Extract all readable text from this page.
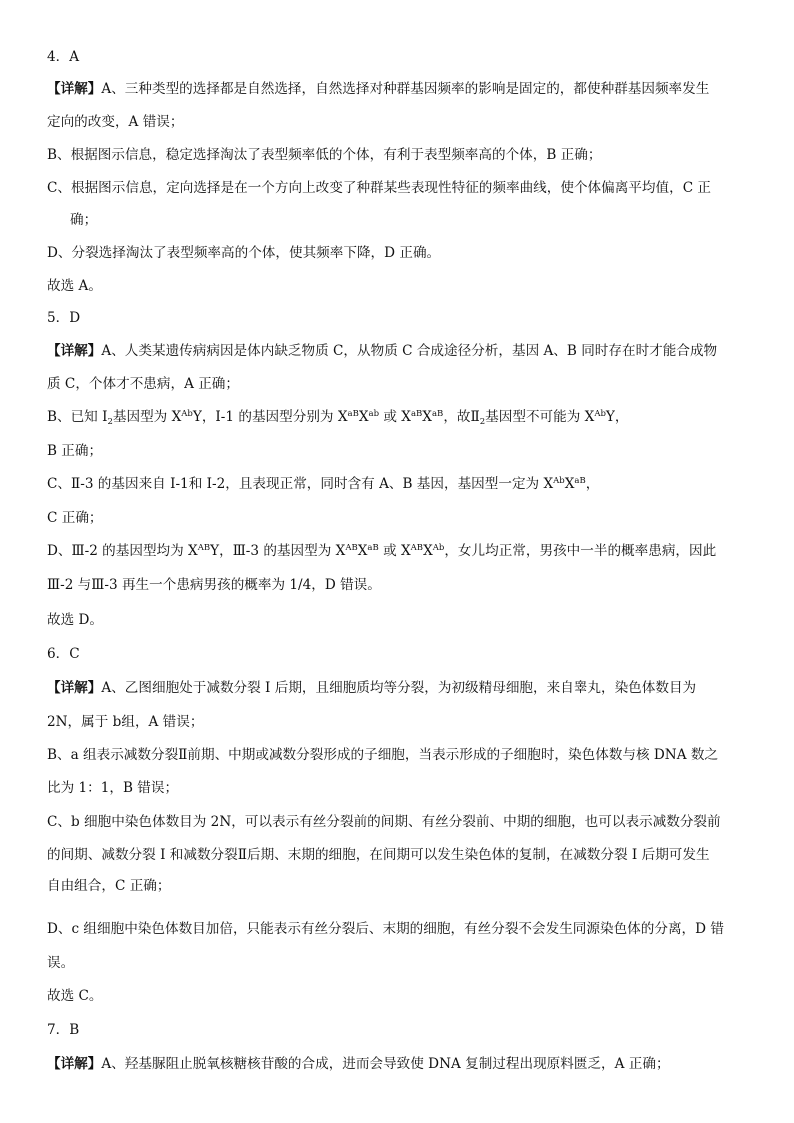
4．A
【详解】A、三种类型的选择都是自然选择，自然选择对种群基因频率的影响是固定的，都使种群基因频率发生
定向的改变，A 错误；
B、根据图示信息，稳定选择淘汰了表型频率低的个体，有利于表型频率高的个体，B 正确；
C、根据图示信息，定向选择是在一个方向上改变了种群某些表现性特征的频率曲线，使个体偏离平均值，C 正
确；
D、分裂选择淘汰了表型频率高的个体，使其频率下降，D 正确。
故选 A。
5．D
【详解】A、人类某遗传病病因是体内缺乏物质 C，从物质 C 合成途径分析，基因 A、B 同时存在时才能合成物
质 C，个体才不患病，A 正确；
B、已知 $I_2$基因型为 $X^{Ab}Y$，Ⅰ-1 的基因型分别为 $X^{aB}X^{ab}$ 或 $X^{aB}X^{aB}$，故$Ⅱ_2$基因型不可能为 $X^{Ab}Y$，
B 正确；
C、Ⅱ-3 的基因来自 I-1和 I-2，且表现正常，同时含有 A、B 基因，基因型一定为 $X^{Ab}X^{aB}$，
C 正确；
D、Ⅲ-2 的基因型均为 $X^{AB}Y$，Ⅲ-3 的基因型为 $X^{AB}X^{aB}$ 或 $X^{AB}X^{Ab}$，女儿均正常，男孩中一半的概率患病，因此
Ⅲ-2 与Ⅲ-3 再生一个患病男孩的概率为 1/4，D 错误。
故选 D。
6．C
【详解】A、乙图细胞处于减数分裂 I 后期，且细胞质均等分裂，为初级精母细胞，来自睾丸，染色体数目为
2N，属于 b组，A 错误；
B、a 组表示减数分裂Ⅱ前期、中期或减数分裂形成的子细胞，当表示形成的子细胞时，染色体数与核 DNA 数之
比为 1：1，B 错误；
C、b 细胞中染色体数目为 2N，可以表示有丝分裂前的间期、有丝分裂前、中期的细胞，也可以表示减数分裂前
的间期、减数分裂 I 和减数分裂Ⅱ后期、末期的细胞，在间期可以发生染色体的复制，在减数分裂 I 后期可发生
自由组合，C 正确；
D、c 组细胞中染色体数目加倍，只能表示有丝分裂后、末期的细胞，有丝分裂不会发生同源染色体的分离，D 错
误。
故选 C。
7．B
【详解】A、羟基脲阻止脱氧核糖核苷酸的合成，进而会导致使 DNA 复制过程出现原料匮乏，A 正确；
